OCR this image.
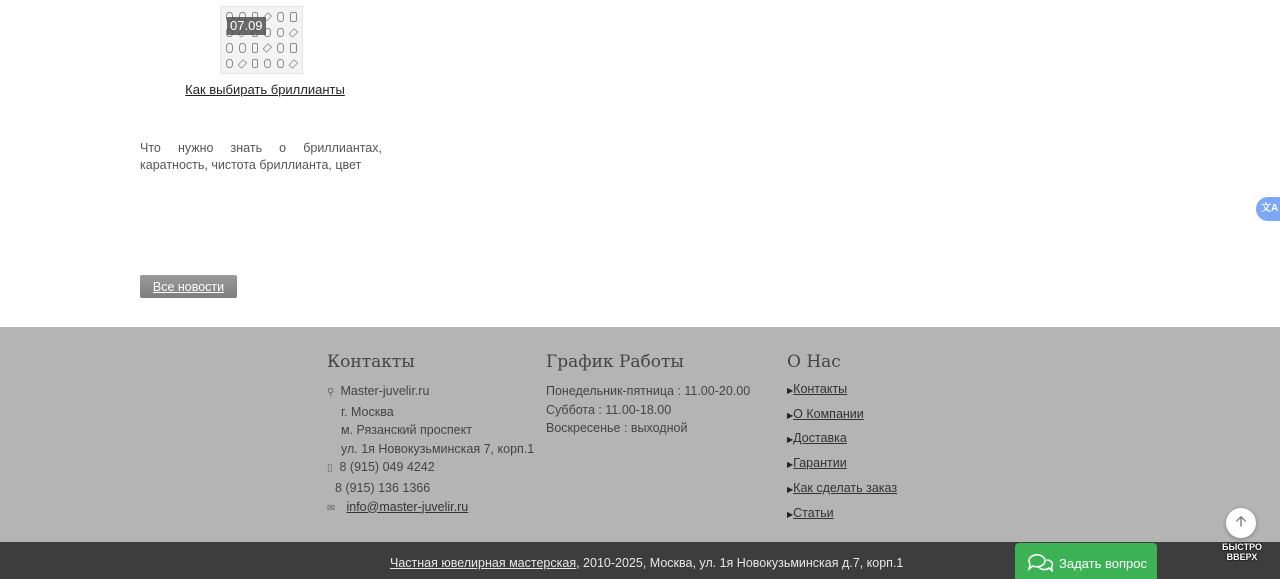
07.09
Как выбирать бриллианты
Что нужно знать о бриллиантах, каратность, чистота бриллианта, цвет
Все новости
文A
Контакты
⚲ Master-juvelir.ru
г. Москва
м. Рязанский проспект
ул. 1я Новокузьминская 7, корп.1
▯ 8 (915) 049 4242
8 (915) 136 1366
✉ info@master-juvelir.ru
График Работы
Понедельник-пятница : 11.00-20.00
Суббота : 11.00-18.00
Воскресенье : выходной
О Нас
▶Контакты
▶О Компании
▶Доставка
▶Гарантии
▶Как сделать заказ
▶Статьи
Частная ювелирная мастерская, 2010-2025, Москва, ул. 1я Новокузьминская д.7, корп.1	Задать вопрос
🡩
БЫСТРО
ВВЕРХ
